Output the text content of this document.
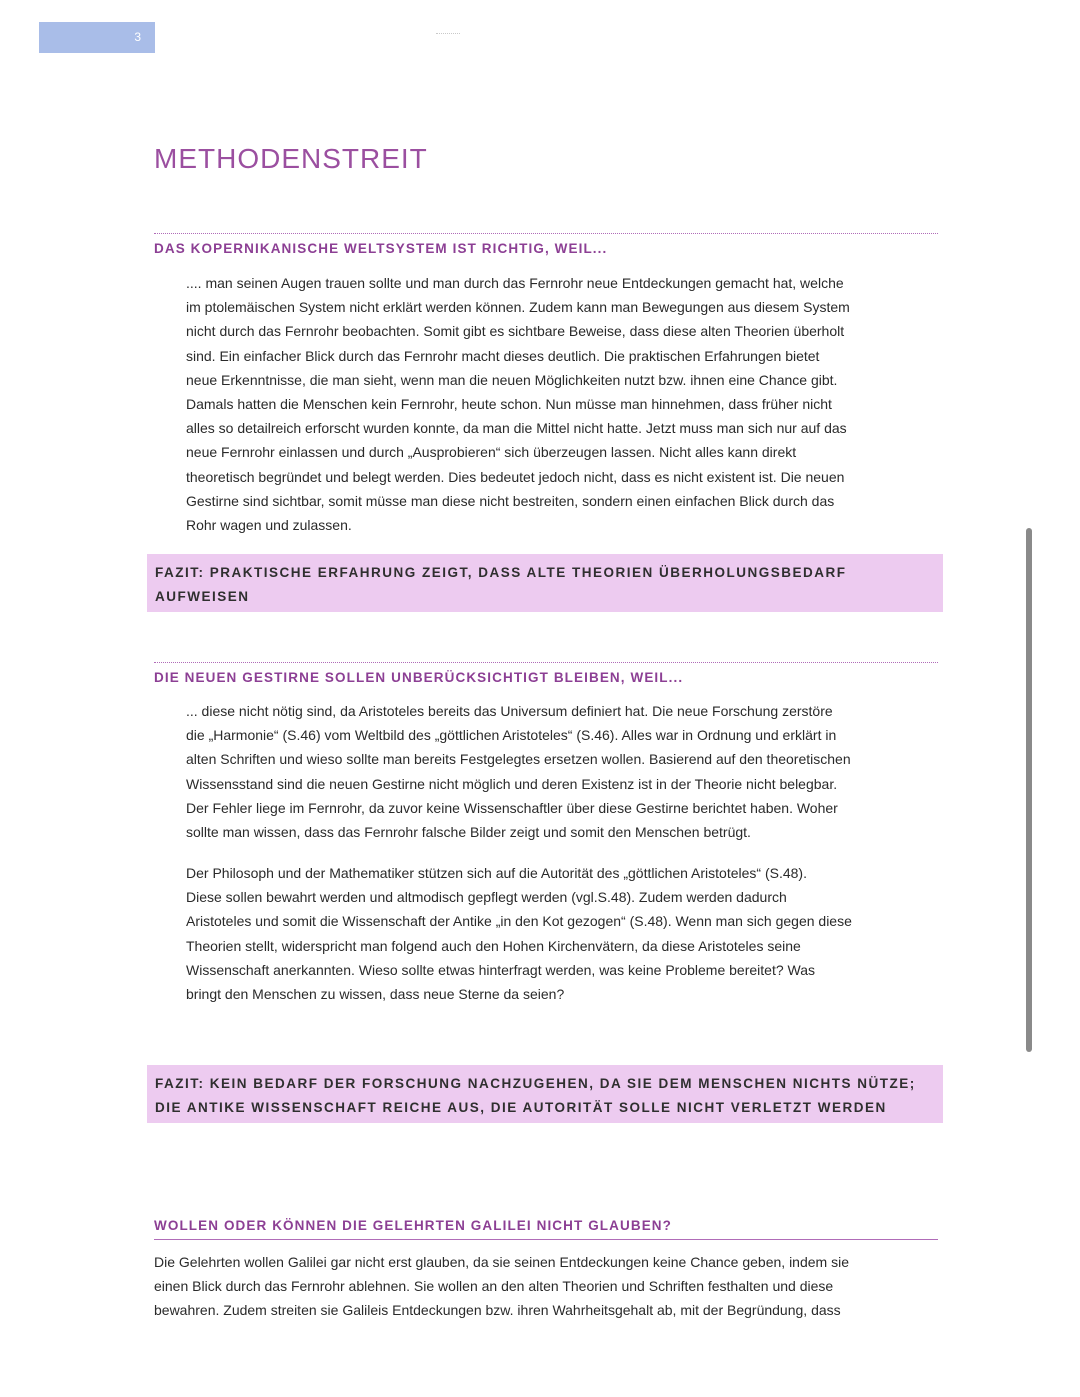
3
METHODENSTREIT

DAS KOPERNIKANISCHE WELTSYSTEM IST RICHTIG, WEIL...

.... man seinen Augen trauen sollte und man durch das Fernrohr neue Entdeckungen gemacht hat, welche
im ptolemäischen System nicht erklärt werden können. Zudem kann man Bewegungen aus diesem System
nicht durch das Fernrohr beobachten. Somit gibt es sichtbare Beweise, dass diese alten Theorien überholt
sind. Ein einfacher Blick durch das Fernrohr macht dieses deutlich. Die praktischen Erfahrungen bietet
neue Erkenntnisse, die man sieht, wenn man die neuen Möglichkeiten nutzt bzw. ihnen eine Chance gibt.
Damals hatten die Menschen kein Fernrohr, heute schon. Nun müsse man hinnehmen, dass früher nicht
alles so detailreich erforscht wurden konnte, da man die Mittel nicht hatte. Jetzt muss man sich nur auf das
neue Fernrohr einlassen und durch „Ausprobieren“ sich überzeugen lassen. Nicht alles kann direkt
theoretisch begründet und belegt werden. Dies bedeutet jedoch nicht, dass es nicht existent ist. Die neuen
Gestirne sind sichtbar, somit müsse man diese nicht bestreiten, sondern einen einfachen Blick durch das
Rohr wagen und zulassen.

FAZIT: PRAKTISCHE ERFAHRUNG ZEIGT, DASS ALTE THEORIEN ÜBERHOLUNGSBEDARF
AUFWEISEN

DIE NEUEN GESTIRNE SOLLEN UNBERÜCKSICHTIGT BLEIBEN, WEIL...

... diese nicht nötig sind, da Aristoteles bereits das Universum definiert hat. Die neue Forschung zerstöre
die „Harmonie“ (S.46) vom Weltbild des „göttlichen Aristoteles“ (S.46). Alles war in Ordnung und erklärt in
alten Schriften und wieso sollte man bereits Festgelegtes ersetzen wollen. Basierend auf den theoretischen
Wissensstand sind die neuen Gestirne nicht möglich und deren Existenz ist in der Theorie nicht belegbar.
Der Fehler liege im Fernrohr, da zuvor keine Wissenschaftler über diese Gestirne berichtet haben. Woher
sollte man wissen, dass das Fernrohr falsche Bilder zeigt und somit den Menschen betrügt.

Der Philosoph und der Mathematiker stützen sich auf die Autorität des „göttlichen Aristoteles“ (S.48).
Diese sollen bewahrt werden und altmodisch gepflegt werden (vgl.S.48). Zudem werden dadurch
Aristoteles und somit die Wissenschaft der Antike „in den Kot gezogen“ (S.48). Wenn man sich gegen diese
Theorien stellt, widerspricht man folgend auch den Hohen Kirchenvätern, da diese Aristoteles seine
Wissenschaft anerkannten. Wieso sollte etwas hinterfragt werden, was keine Probleme bereitet? Was
bringt den Menschen zu wissen, dass neue Sterne da seien?

FAZIT: KEIN BEDARF DER FORSCHUNG NACHZUGEHEN, DA SIE DEM MENSCHEN NICHTS NÜTZE;
DIE ANTIKE WISSENSCHAFT REICHE AUS, DIE AUTORITÄT SOLLE NICHT VERLETZT WERDEN

WOLLEN ODER KÖNNEN DIE GELEHRTEN GALILEI NICHT GLAUBEN?

Die Gelehrten wollen Galilei gar nicht erst glauben, da sie seinen Entdeckungen keine Chance geben, indem sie
einen Blick durch das Fernrohr ablehnen. Sie wollen an den alten Theorien und Schriften festhalten und diese
bewahren. Zudem streiten sie Galileis Entdeckungen bzw. ihren Wahrheitsgehalt ab, mit der Begründung, dass
